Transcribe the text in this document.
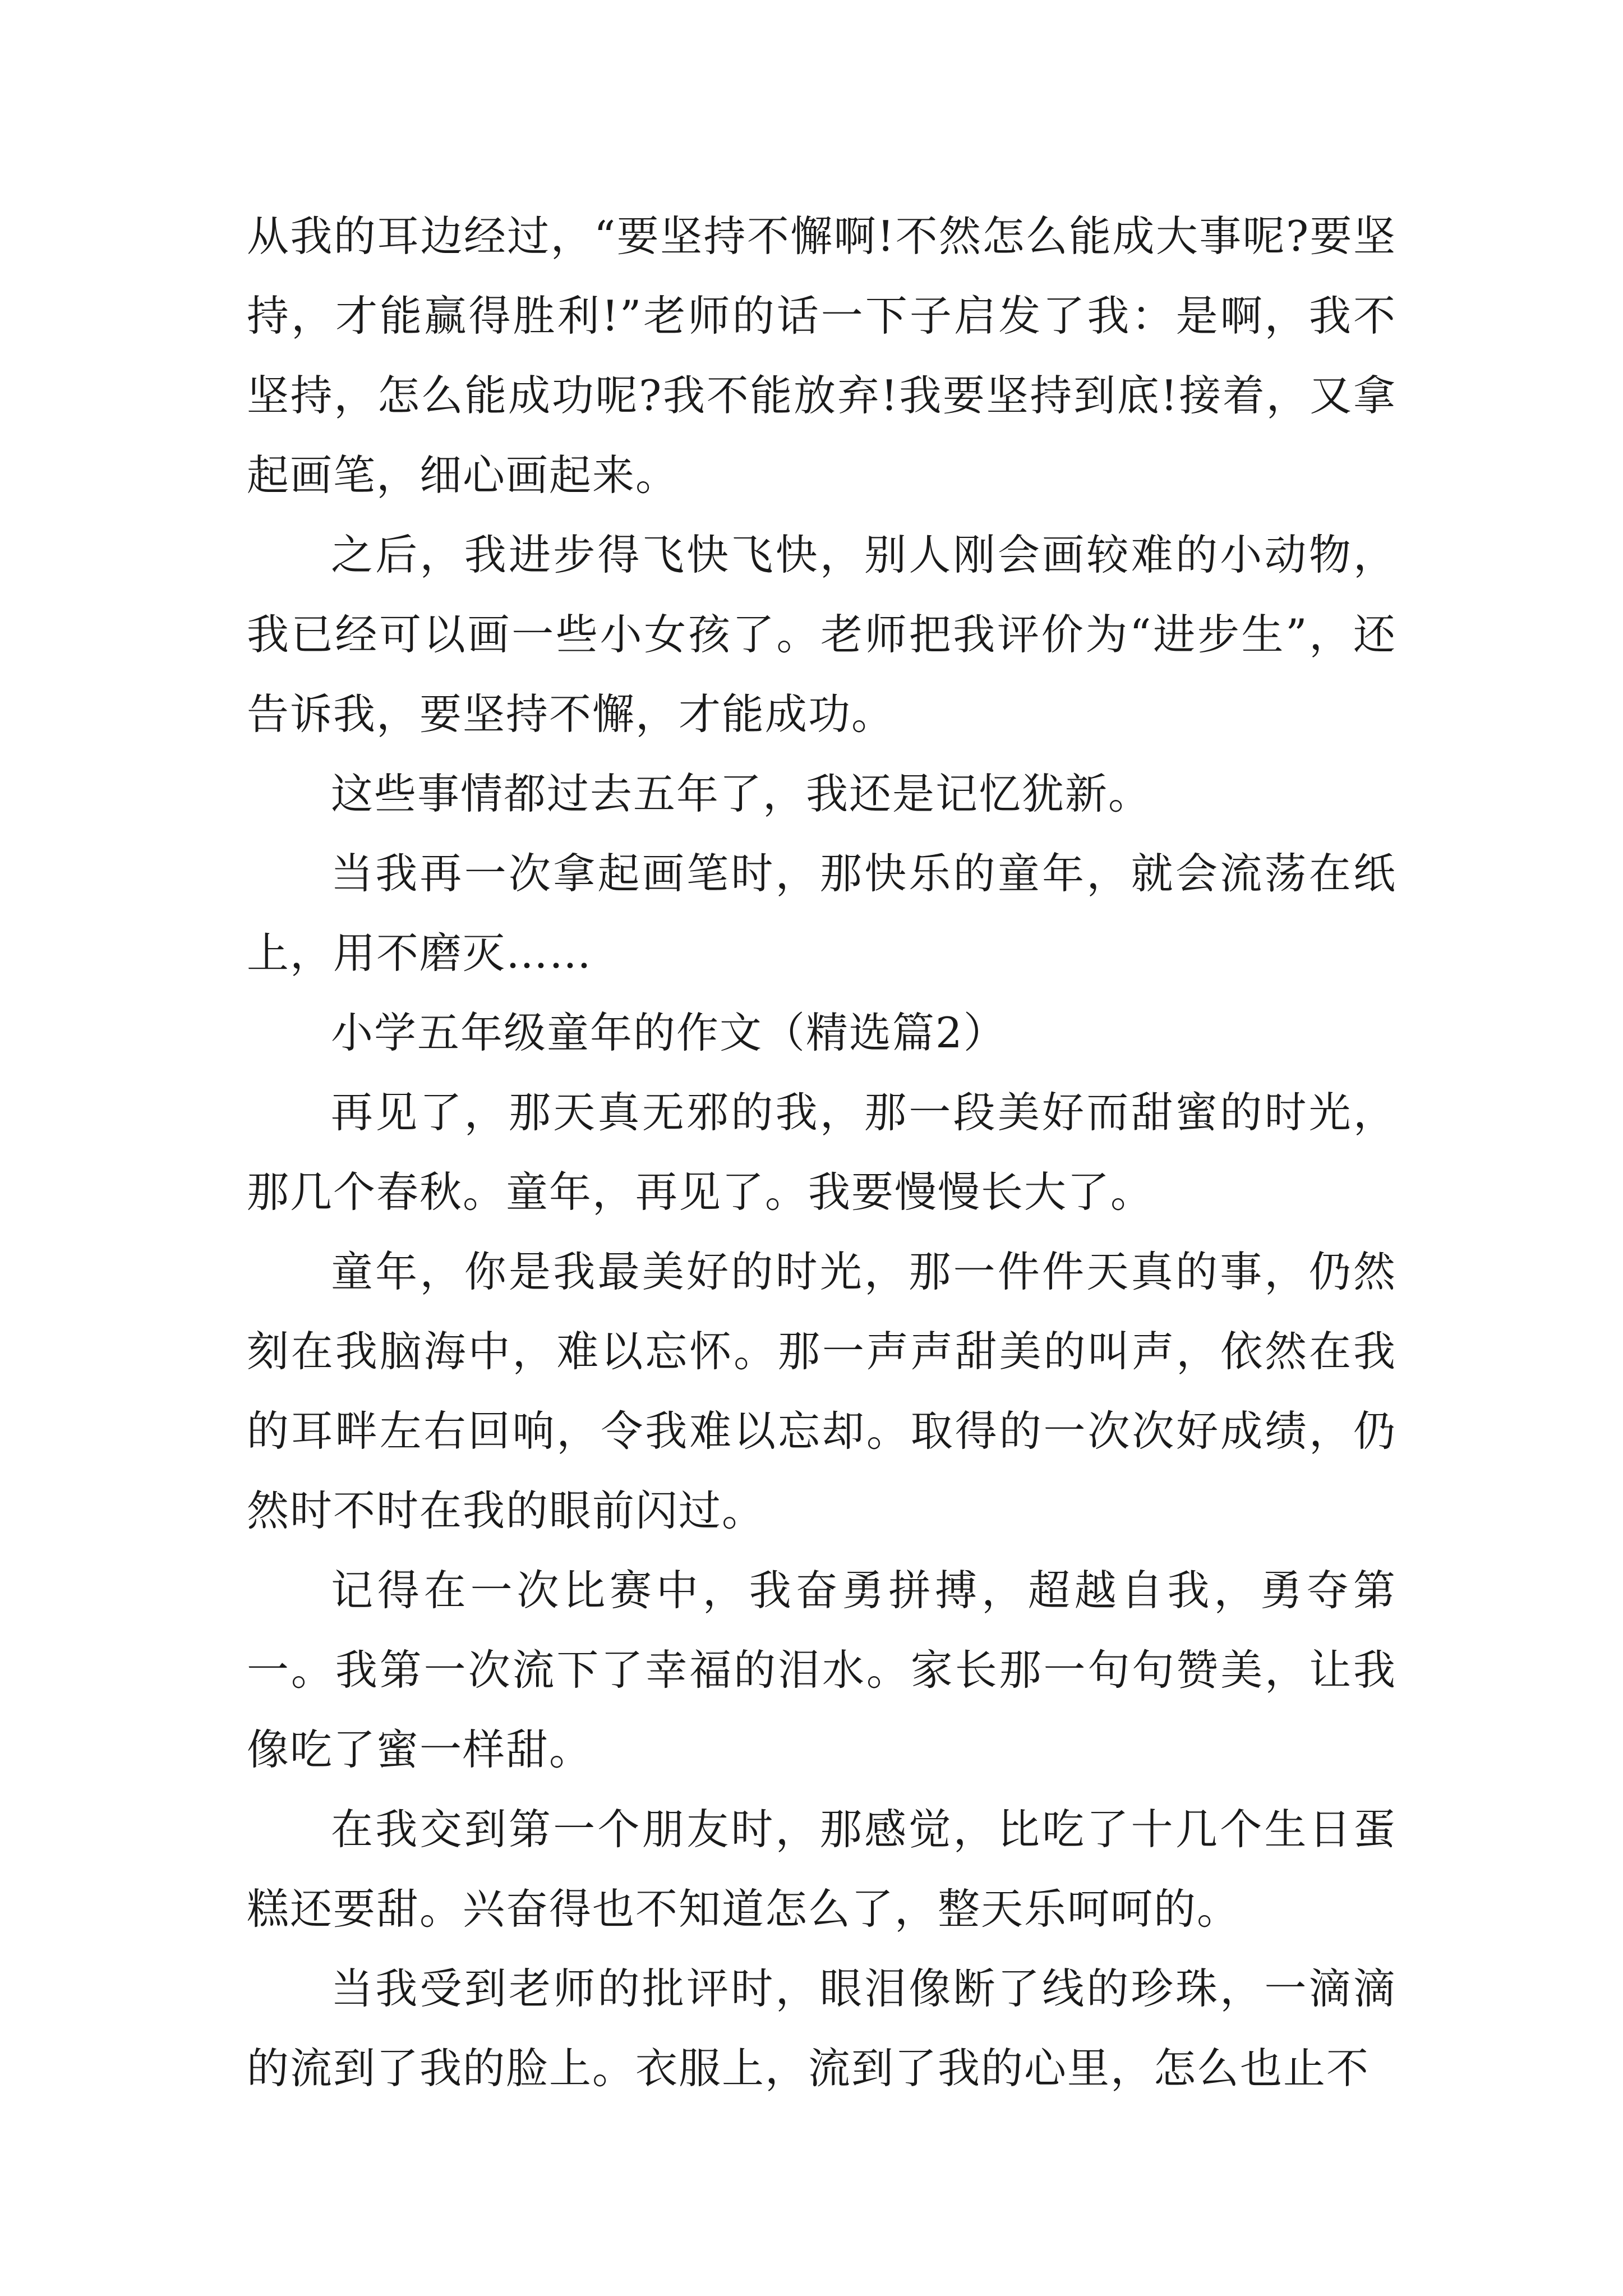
从我的耳边经过，“要坚持不懈啊!不然怎么能成大事呢?要坚持，才能赢得胜利!”老师的话一下子启发了我：是啊，我不坚持，怎么能成功呢?我不能放弃!我要坚持到底!接着，又拿起画笔，细心画起来。

之后，我进步得飞快飞快，别人刚会画较难的小动物，我已经可以画一些小女孩了。老师把我评价为“进步生”，还告诉我，要坚持不懈，才能成功。

这些事情都过去五年了，我还是记忆犹新。

当我再一次拿起画笔时，那快乐的童年，就会流荡在纸上，用不磨灭……

小学五年级童年的作文（精选篇2）

再见了，那天真无邪的我，那一段美好而甜蜜的时光，那几个春秋。童年，再见了。我要慢慢长大了。

童年，你是我最美好的时光，那一件件天真的事，仍然刻在我脑海中，难以忘怀。那一声声甜美的叫声，依然在我的耳畔左右回响，令我难以忘却。取得的一次次好成绩，仍然时不时在我的眼前闪过。

记得在一次比赛中，我奋勇拼搏，超越自我，勇夺第一。我第一次流下了幸福的泪水。家长那一句句赞美，让我像吃了蜜一样甜。

在我交到第一个朋友时，那感觉，比吃了十几个生日蛋糕还要甜。兴奋得也不知道怎么了，整天乐呵呵的。

当我受到老师的批评时，眼泪像断了线的珍珠，一滴滴的流到了我的脸上。衣服上，流到了我的心里，怎么也止不
